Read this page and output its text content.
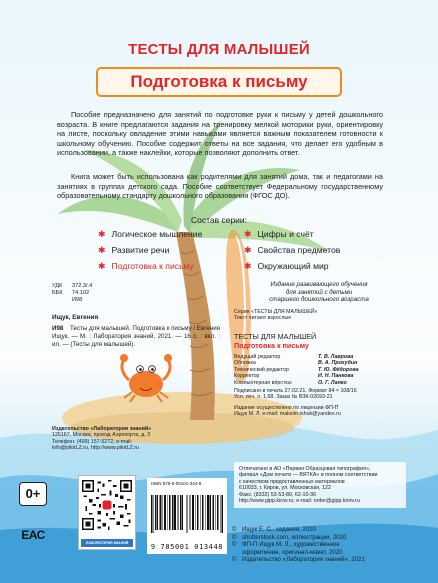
ТЕСТЫ ДЛЯ МАЛЫШЕЙ
Подготовка к письму

Пособие предназначено для занятий по подготовке руки к письму у детей дошкольного возраста. В книге предлагаются задания на тренировку мелкой моторики руки, ориентировку на листе, поскольку овладение этими навыками является важным показателем готовности к школьному обучению. Пособие содержит ответы на все задания, что делает его удобным в использовании, а также наклейки, которые позволяют дополнить ответ.

Книга может быть использована как родителями для занятий дома, так и педагогами на занятиях в группах детского сада. Пособие соответствует Федеральному государственному образовательному стандарту дошкольного образования (ФГОС ДО).

Состав серии:
✱ Логическое мышление
✱ Развитие речи
✱ Подготовка к письму
✱ Цифры и счёт
✱ Свойства предметов
✱ Окружающий мир
УДК 372.3/.4
ББК 74.102
И98
Ищук, Евгения
И98 Тесты для малышей. Подготовка к письму / Евгения Ищук. — М. : Лаборатория знаний, 2021. — 16 с. : вкл. : ил. — (Тесты для малышей).
Издательство «Лаборатория знаний»
125167, Москва, проезд Аэропорта, д. 3
Телефон: (499) 157-5272, e-mail:
info@pilotLZ.ru, http://www.pilotLZ.ru
Издание развивающего обучения
для занятий с детьми
старшего дошкольного возраста
Серия «ТЕСТЫ ДЛЯ МАЛЫШЕЙ»
Текст читают взрослые
ТЕСТЫ ДЛЯ МАЛЫШЕЙ
Подготовка к письму
Ведущий редактор	Т. В. Лаврова
Обложка	В. А. Прохудин
Технический редактор	Т. Ю. Фёдорова
Корректор	И. Н. Панкова
Компьютерная вёрстка:	О. Г. Лапко
Подписано в печать 27.02.21. Формат 84 × 108/16
Усл. печ. л. 1,68. Заказ № ВЗК-02693-21
Издание осуществлено по лицензии ФП-П
Ищук М. Л. e-mail: maksim-ishuk@yandex.ru
Отпечатано в АО «Первая Образцовая типография»,
филиал «Дом печати — ВЯТКА» в полном соответствии
с качеством предоставленных материалов
610033, г. Киров, ул. Московская, 122
Факс: (8332) 53-53-80, 62-10-36
http://www.gipp.kirov.ru; e-mail: order@gipp.kirov.ru
© Ищук Е. С., задания, 2020
© shutterstock.com, иллюстрации, 2020
© ФП-П Ищук М. Л., художественное
оформление, оригинал-макет, 2020
© Издательство «Лаборатория знаний», 2021
0+
ЕАС
ЛАБОРАТОРИЯ ЗНАНИЙ
ISBN 978-5-00101-344-8
9 785001 013448
